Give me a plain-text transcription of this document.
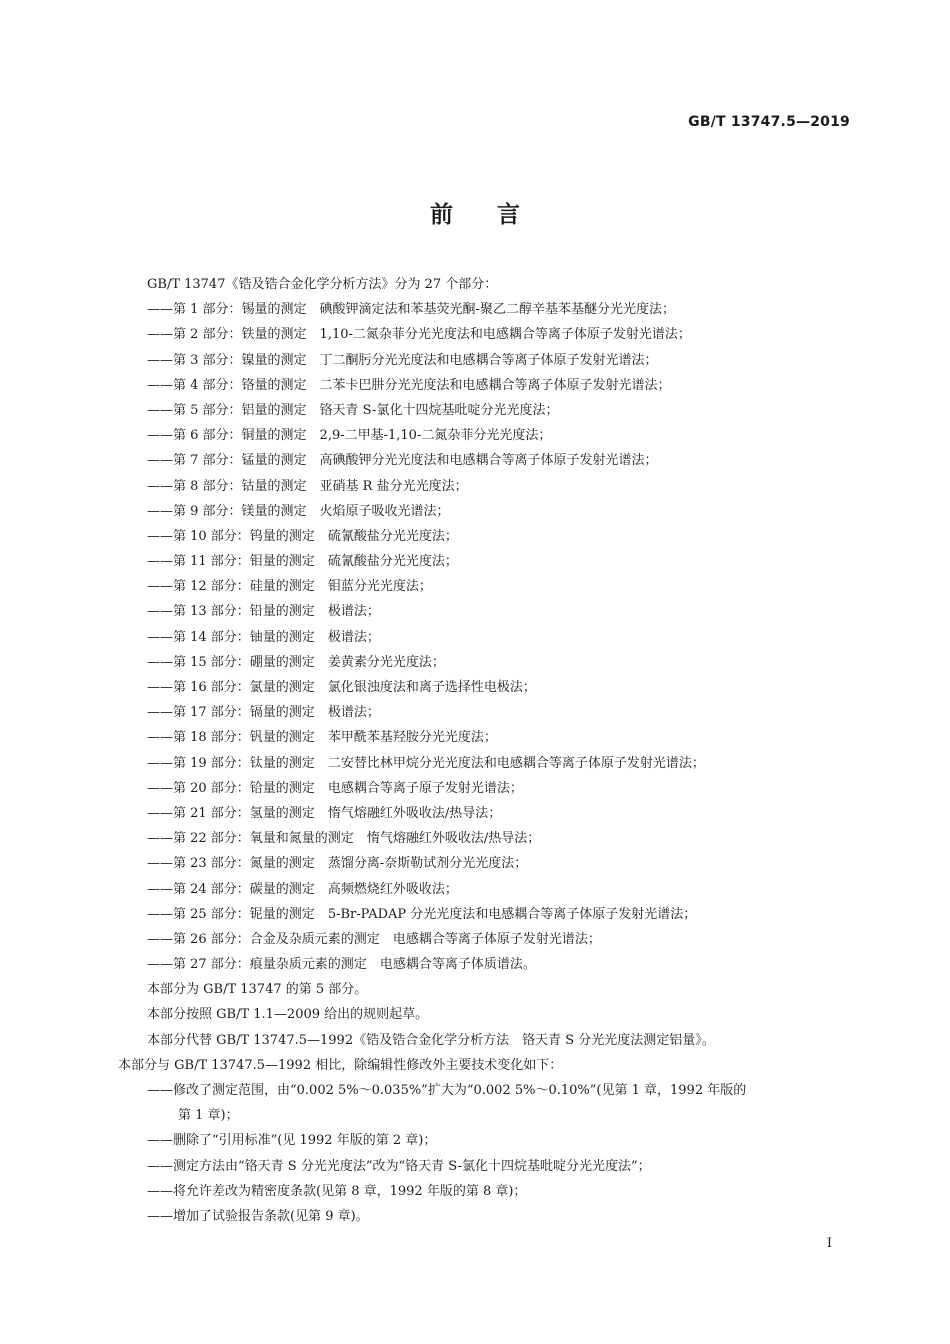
GB/T 13747.5—2019
前言
GB/T 13747《锆及锆合金化学分析方法》分为 27 个部分：
——第 1 部分：锡量的测定 碘酸钾滴定法和苯基荧光酮-聚乙二醇辛基苯基醚分光光度法；
——第 2 部分：铁量的测定 1,10-二氮杂菲分光光度法和电感耦合等离子体原子发射光谱法；
——第 3 部分：镍量的测定 丁二酮肟分光光度法和电感耦合等离子体原子发射光谱法；
——第 4 部分：铬量的测定 二苯卡巴肼分光光度法和电感耦合等离子体原子发射光谱法；
——第 5 部分：铝量的测定 铬天青 S-氯化十四烷基吡啶分光光度法；
——第 6 部分：铜量的测定 2,9-二甲基-1,10-二氮杂菲分光光度法；
——第 7 部分：锰量的测定 高碘酸钾分光光度法和电感耦合等离子体原子发射光谱法；
——第 8 部分：钴量的测定 亚硝基 R 盐分光光度法；
——第 9 部分：镁量的测定 火焰原子吸收光谱法；
——第 10 部分：钨量的测定 硫氰酸盐分光光度法；
——第 11 部分：钼量的测定 硫氰酸盐分光光度法；
——第 12 部分：硅量的测定 钼蓝分光光度法；
——第 13 部分：铅量的测定 极谱法；
——第 14 部分：铀量的测定 极谱法；
——第 15 部分：硼量的测定 姜黄素分光光度法；
——第 16 部分：氯量的测定 氯化银浊度法和离子选择性电极法；
——第 17 部分：镉量的测定 极谱法；
——第 18 部分：钒量的测定 苯甲酰苯基羟胺分光光度法；
——第 19 部分：钛量的测定 二安替比林甲烷分光光度法和电感耦合等离子体原子发射光谱法；
——第 20 部分：铪量的测定 电感耦合等离子原子发射光谱法；
——第 21 部分：氢量的测定 惰气熔融红外吸收法/热导法；
——第 22 部分：氧量和氮量的测定 惰气熔融红外吸收法/热导法；
——第 23 部分：氮量的测定 蒸馏分离-奈斯勒试剂分光光度法；
——第 24 部分：碳量的测定 高频燃烧红外吸收法；
——第 25 部分：铌量的测定 5-Br-PADAP 分光光度法和电感耦合等离子体原子发射光谱法；
——第 26 部分：合金及杂质元素的测定 电感耦合等离子体原子发射光谱法；
——第 27 部分：痕量杂质元素的测定 电感耦合等离子体质谱法。
本部分为 GB/T 13747 的第 5 部分。
本部分按照 GB/T 1.1—2009 给出的规则起草。
本部分代替 GB/T 13747.5—1992《锆及锆合金化学分析方法 铬天青 S 分光光度法测定铝量》。
本部分与 GB/T 13747.5—1992 相比，除编辑性修改外主要技术变化如下：
——修改了测定范围，由“0.002 5%～0.035%”扩大为“0.002 5%～0.10%”(见第 1 章，1992 年版的
第 1 章)；
——删除了“引用标准”(见 1992 年版的第 2 章)；
——测定方法由“铬天青 S 分光光度法”改为“铬天青 S-氯化十四烷基吡啶分光光度法”；
——将允许差改为精密度条款(见第 8 章，1992 年版的第 8 章)；
——增加了试验报告条款(见第 9 章)。
I
